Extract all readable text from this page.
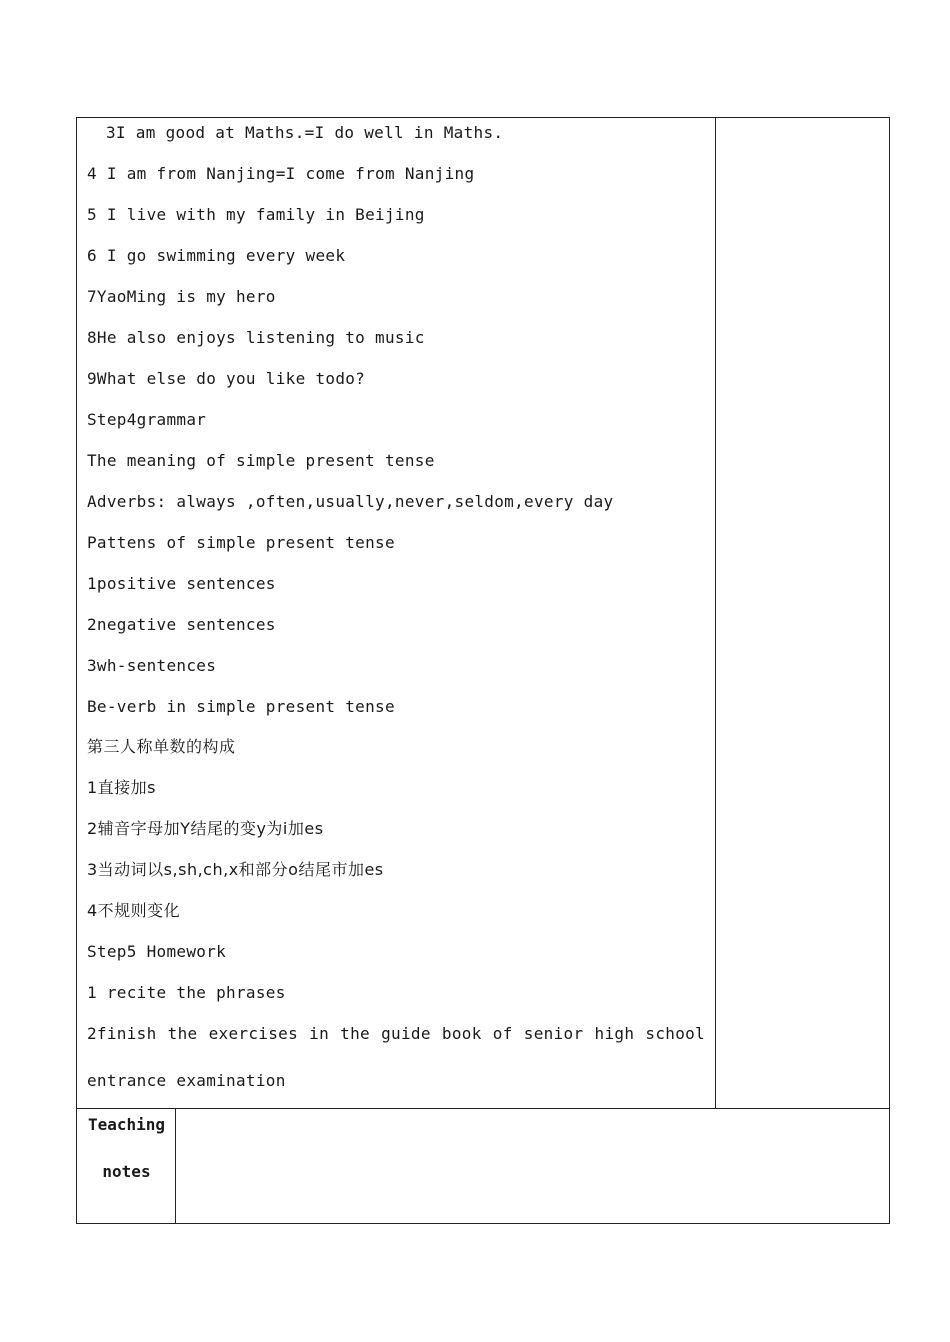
3I am good at Maths.=I do well in Maths.
4 I am from Nanjing=I come from Nanjing
5 I live with my family in Beijing
6 I go swimming every week
7YaoMing is my hero
8He also enjoys listening to music
9What else do you like todo?
Step4grammar
The meaning of simple present tense
Adverbs: always ,often,usually,never,seldom,every day
Pattens of simple present tense
1positive sentences
2negative sentences
3wh-sentences
Be-verb in simple present tense
第三人称单数的构成
1直接加s
2辅音字母加Y结尾的变y为i加es
3当动词以s,sh,ch,x和部分o结尾市加es
4不规则变化
Step5 Homework
1 recite the phrases
2finish the exercises in the guide book of senior high school
entrance examination
Teaching
notes
